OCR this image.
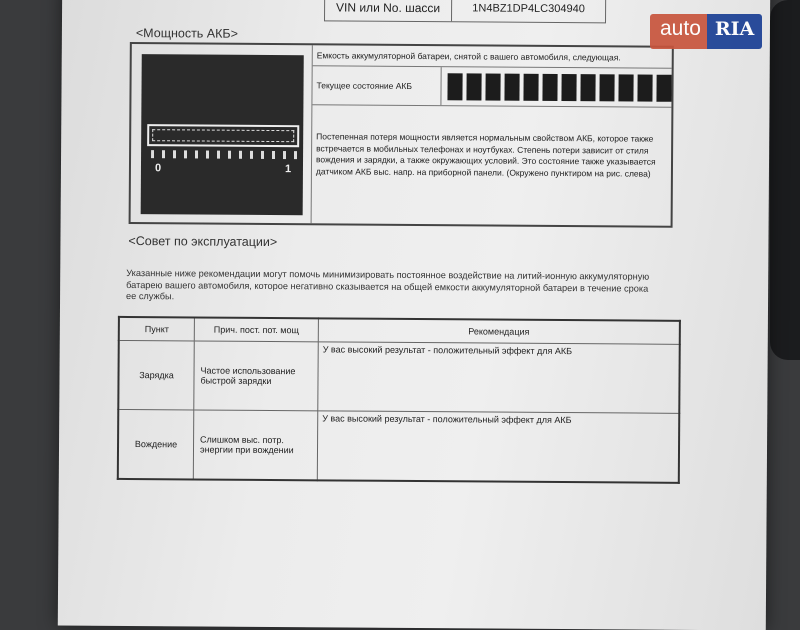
VIN или No. шасси	1N4BZ1DP4LC304940
<Мощность АКБ>
0	1
Емкость аккумуляторной батареи, снятой с вашего автомобиля, следующая.
Текущее состояние АКБ
Постепенная потеря мощности является нормальным свойством АКБ, которое также встречается в мобильных телефонах и ноутбуках. Степень потери зависит от стиля вождения и зарядки, а также окружающих условий. Это состояние также указывается датчиком АКБ выс. напр. на приборной панели. (Окружено пунктиром на рис. слева)
<Совет по эксплуатации>
Указанные ниже рекомендации могут помочь минимизировать постоянное воздействие на литий-ионную аккумуляторную батарею вашего автомобиля, которое негативно сказывается на общей емкости аккумуляторной батареи в течение срока ее службы.
Пункт	Прич. пост. пот. мощ	Рекомендация
Зарядка	Частое использование быстрой зарядки	У вас высокий результат - положительный эффект для АКБ
Вождение	Слишком выс. потр. энергии при вождении	У вас высокий результат - положительный эффект для АКБ
auto RIA
